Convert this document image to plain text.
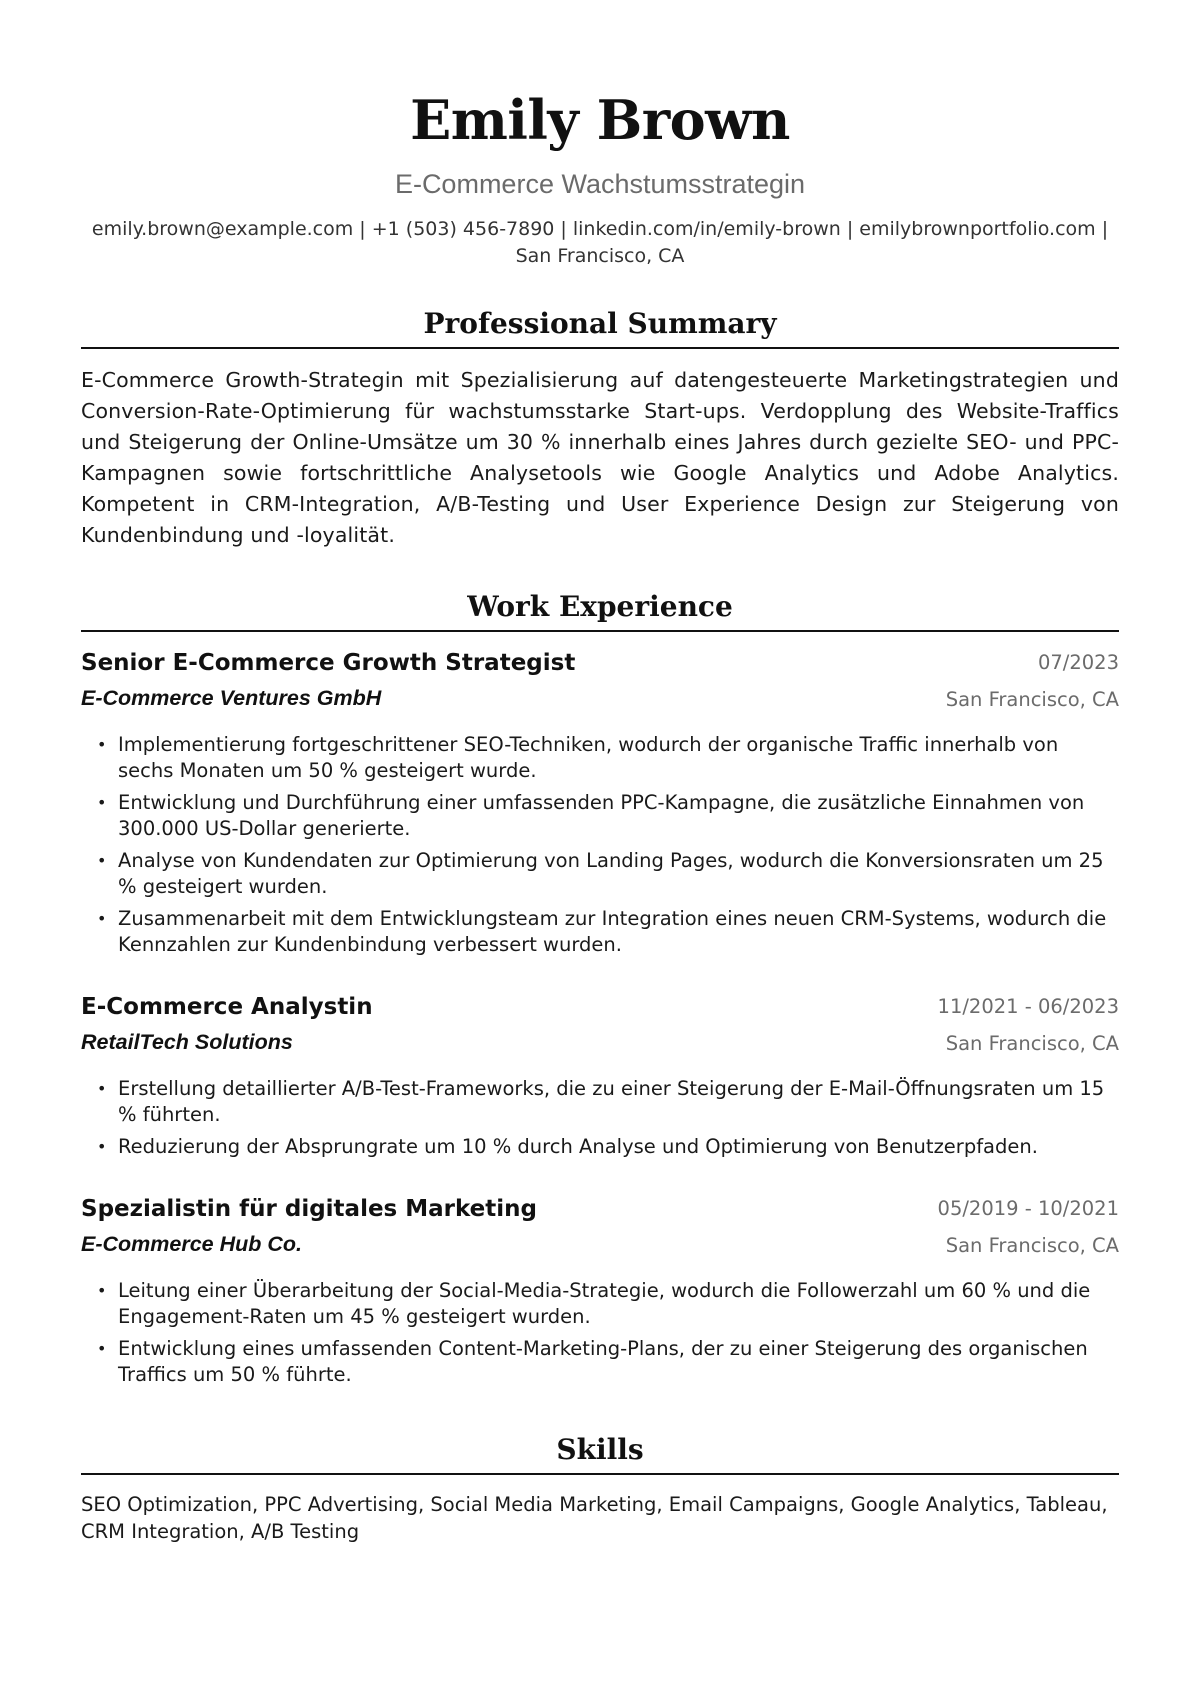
Emily Brown
E-Commerce Wachstumsstrategin
emily.brown@example.com | +1 (503) 456-7890 | linkedin.com/in/emily-brown | emilybrownportfolio.com | San Francisco, CA
Professional Summary
E-Commerce Growth-Strategin mit Spezialisierung auf datengesteuerte Marketingstrategien und Conversion-Rate-Optimierung für wachstumsstarke Start-ups. Verdopplung des Website-Traffics und Steigerung der Online-Umsätze um 30 % innerhalb eines Jahres durch gezielte SEO- und PPC-Kampagnen sowie fortschrittliche Analysetools wie Google Analytics und Adobe Analytics. Kompetent in CRM-Integration, A/B-Testing und User Experience Design zur Steigerung von Kundenbindung und -loyalität.
Work Experience
Senior E-Commerce Growth Strategist	07/2023
E-Commerce Ventures GmbH	San Francisco, CA
• Implementierung fortgeschrittener SEO-Techniken, wodurch der organische Traffic innerhalb von sechs Monaten um 50 % gesteigert wurde.
• Entwicklung und Durchführung einer umfassenden PPC-Kampagne, die zusätzliche Einnahmen von 300.000 US-Dollar generierte.
• Analyse von Kundendaten zur Optimierung von Landing Pages, wodurch die Konversionsraten um 25 % gesteigert wurden.
• Zusammenarbeit mit dem Entwicklungsteam zur Integration eines neuen CRM-Systems, wodurch die Kennzahlen zur Kundenbindung verbessert wurden.
E-Commerce Analystin	11/2021 - 06/2023
RetailTech Solutions	San Francisco, CA
• Erstellung detaillierter A/B-Test-Frameworks, die zu einer Steigerung der E-Mail-Öffnungsraten um 15 % führten.
• Reduzierung der Absprungrate um 10 % durch Analyse und Optimierung von Benutzerpfaden.
Spezialistin für digitales Marketing	05/2019 - 10/2021
E-Commerce Hub Co.	San Francisco, CA
• Leitung einer Überarbeitung der Social-Media-Strategie, wodurch die Followerzahl um 60 % und die Engagement-Raten um 45 % gesteigert wurden.
• Entwicklung eines umfassenden Content-Marketing-Plans, der zu einer Steigerung des organischen Traffics um 50 % führte.
Skills
SEO Optimization, PPC Advertising, Social Media Marketing, Email Campaigns, Google Analytics, Tableau, CRM Integration, A/B Testing
